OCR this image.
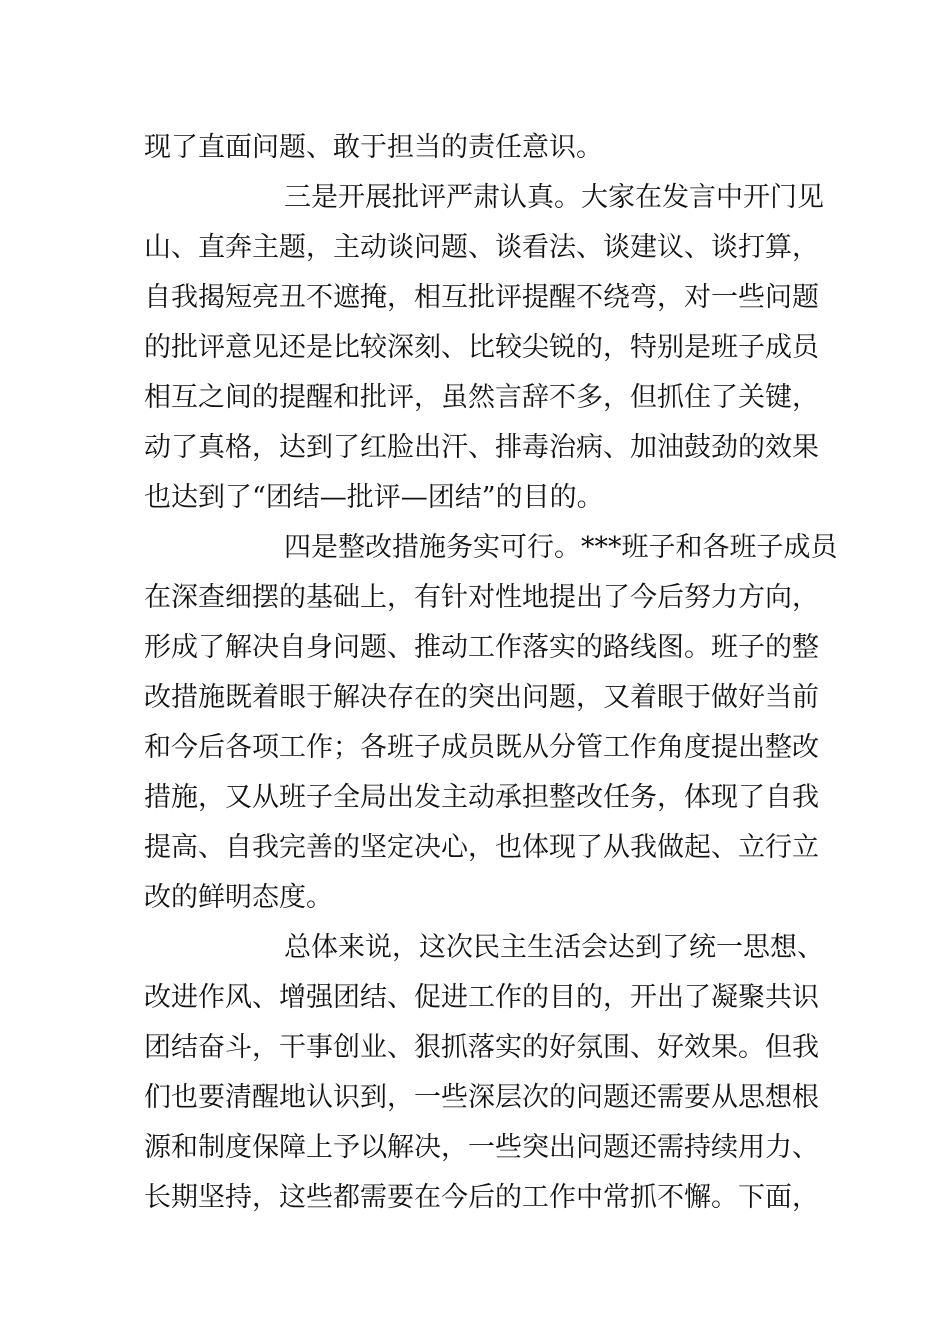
现了直面问题、敢于担当的责任意识。
三是开展批评严肃认真。大家在发言中开门见
山、直奔主题，主动谈问题、谈看法、谈建议、谈打算，
自我揭短亮丑不遮掩，相互批评提醒不绕弯，对一些问题
的批评意见还是比较深刻、比较尖锐的，特别是班子成员
相互之间的提醒和批评，虽然言辞不多，但抓住了关键，
动了真格，达到了红脸出汗、排毒治病、加油鼓劲的效果
也达到了“团结—批评—团结”的目的。
四是整改措施务实可行。***班子和各班子成员
在深查细摆的基础上，有针对性地提出了今后努力方向，
形成了解决自身问题、推动工作落实的路线图。班子的整
改措施既着眼于解决存在的突出问题，又着眼于做好当前
和今后各项工作；各班子成员既从分管工作角度提出整改
措施，又从班子全局出发主动承担整改任务，体现了自我
提高、自我完善的坚定决心，也体现了从我做起、立行立
改的鲜明态度。
总体来说，这次民主生活会达到了统一思想、
改进作风、增强团结、促进工作的目的，开出了凝聚共识
团结奋斗，干事创业、狠抓落实的好氛围、好效果。但我
们也要清醒地认识到，一些深层次的问题还需要从思想根
源和制度保障上予以解决，一些突出问题还需持续用力、
长期坚持，这些都需要在今后的工作中常抓不懈。下面，
